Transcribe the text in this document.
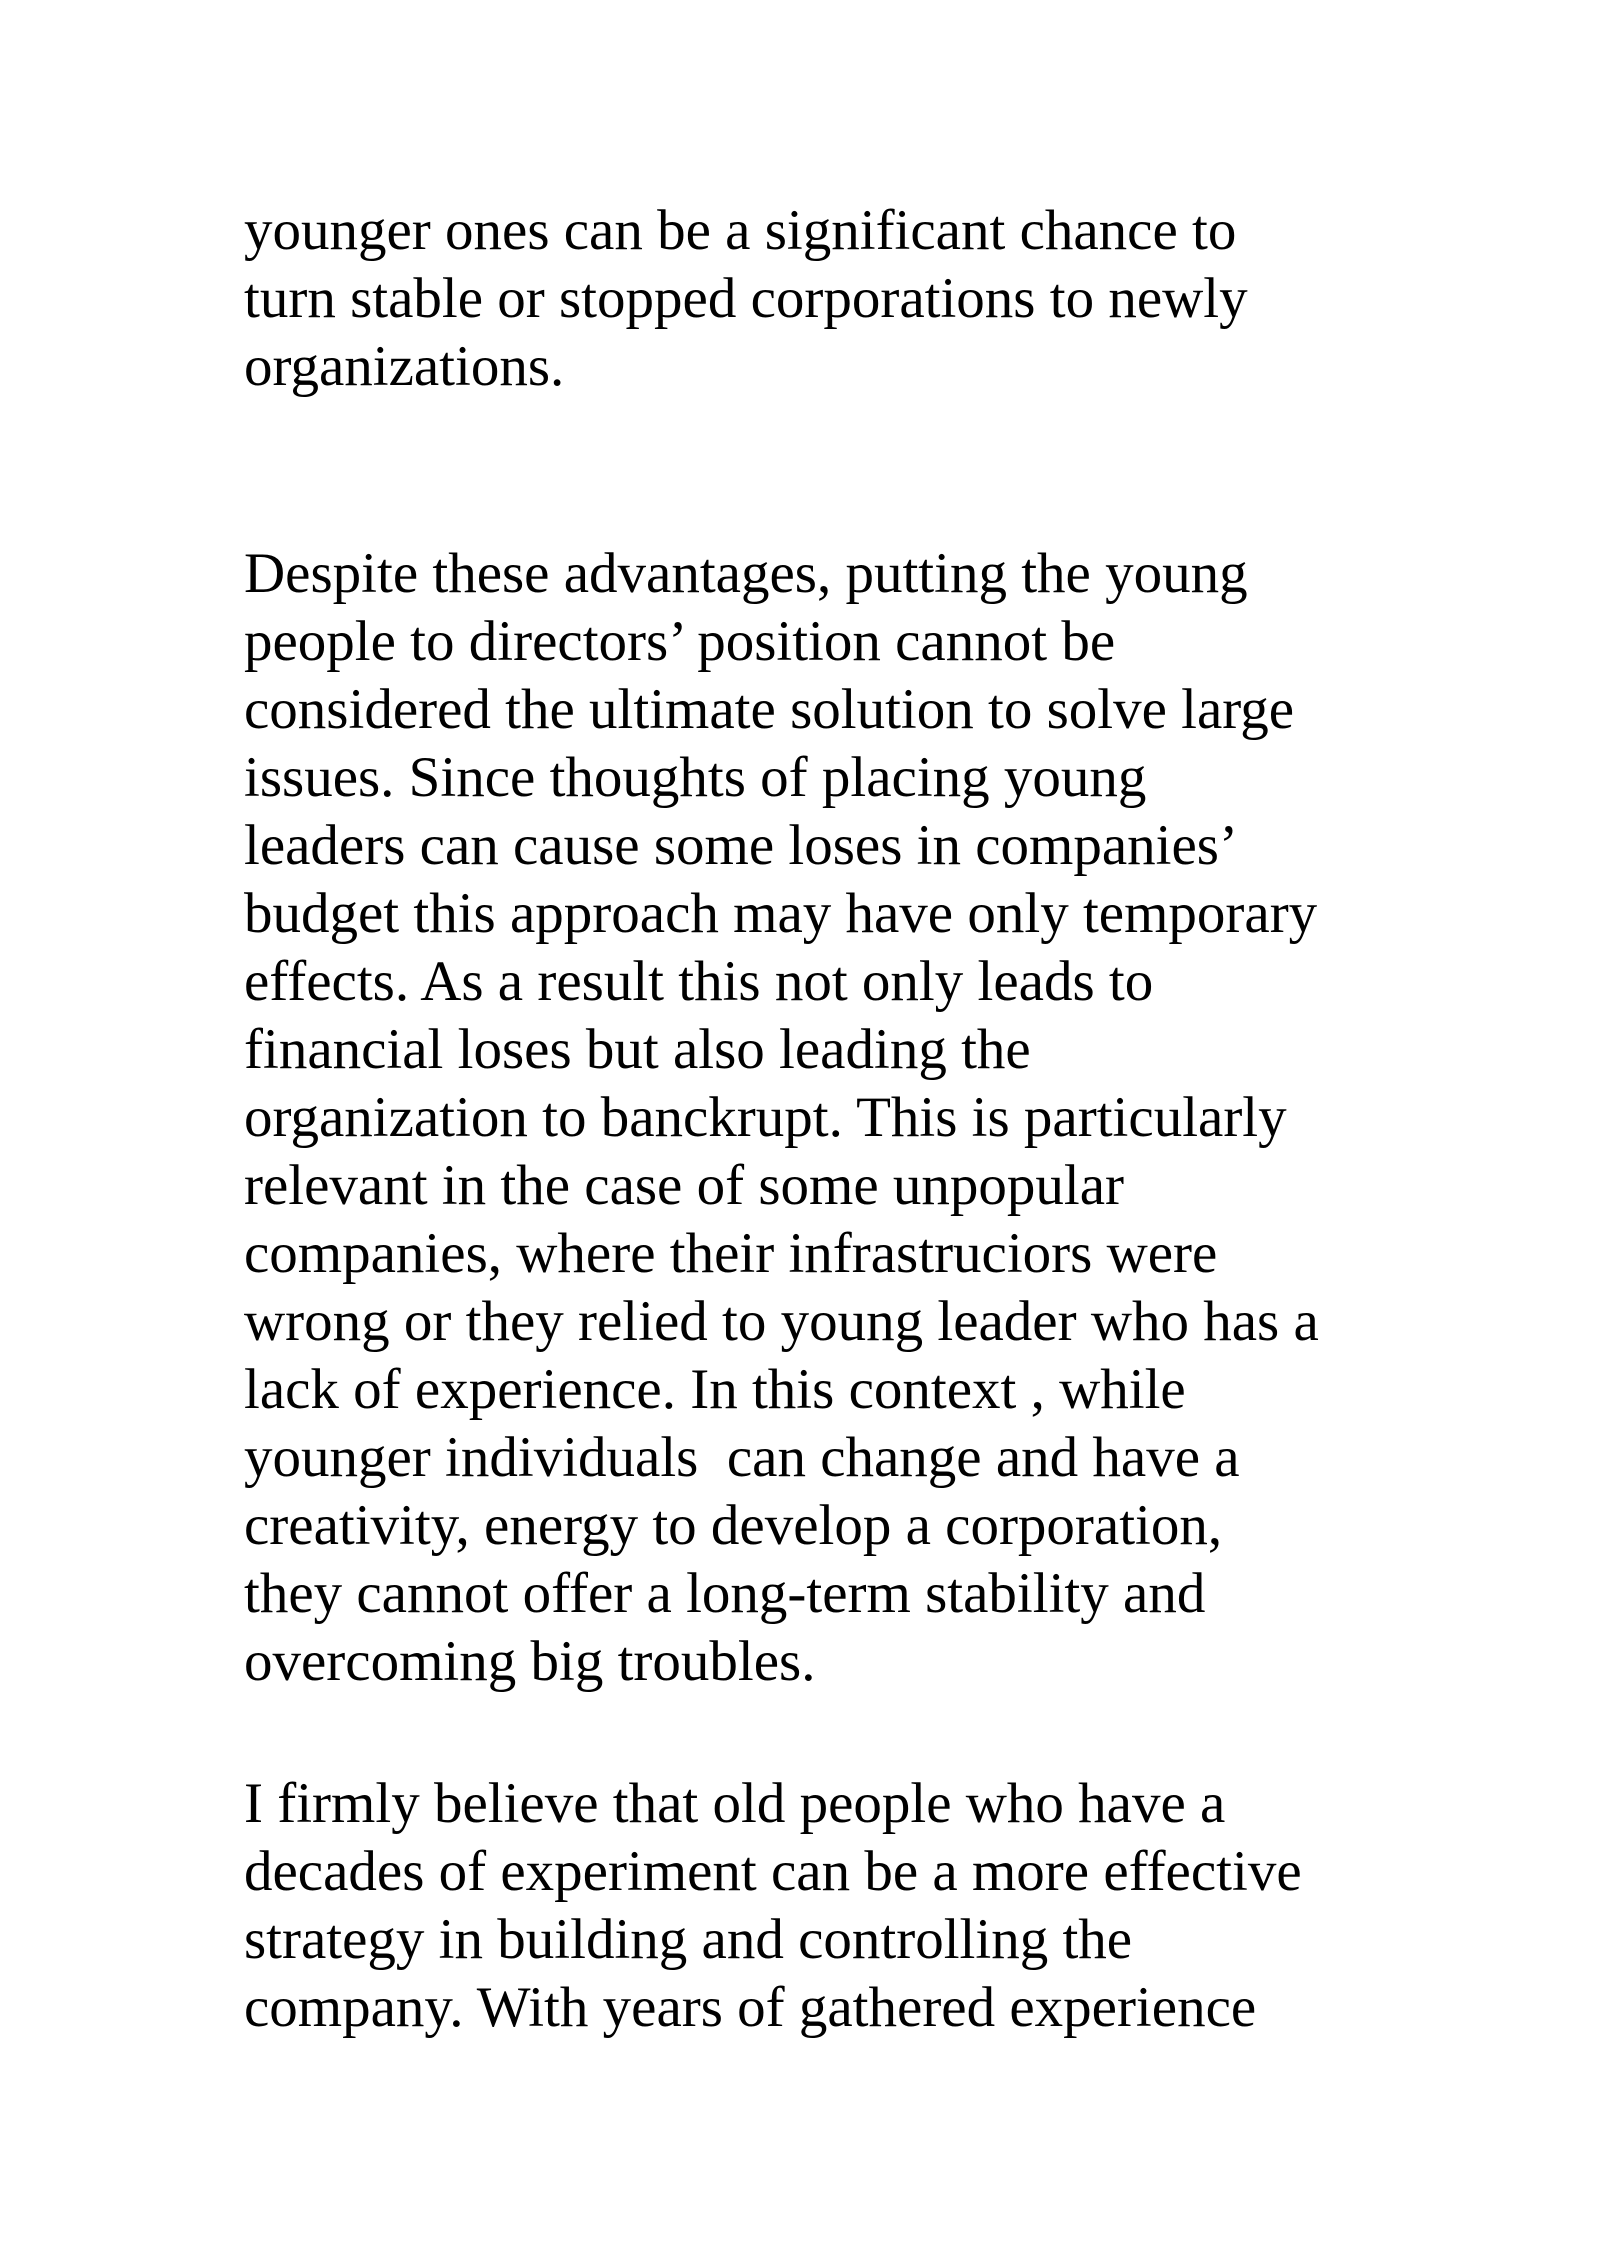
younger ones can be a significant chance to
turn stable or stopped corporations to newly
organizations.
Despite these advantages, putting the young
people to directors’ position cannot be
considered the ultimate solution to solve large
issues. Since thoughts of placing young
leaders can cause some loses in companies’
budget this approach may have only temporary
effects. As a result this not only leads to
financial loses but also leading the
organization to banckrupt. This is particularly
relevant in the case of some unpopular
companies, where their infrastruciors were
wrong or they relied to young leader who has a
lack of experience. In this context , while
younger individuals  can change and have a
creativity, energy to develop a corporation,
they cannot offer a long-term stability and
overcoming big troubles.
I firmly believe that old people who have a
decades of experiment can be a more effective
strategy in building and controlling the
company. With years of gathered experience
